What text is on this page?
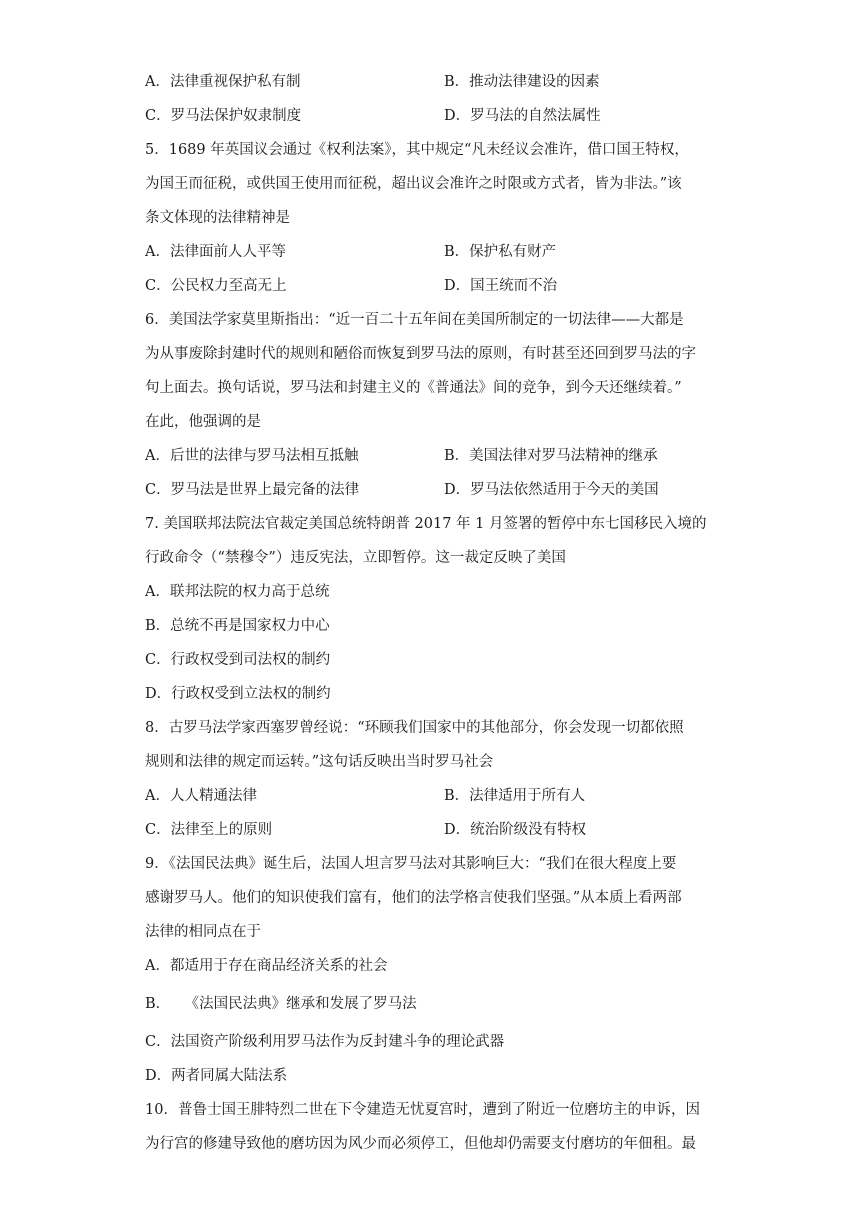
A．法律重视保护私有制	B．推动法律建设的因素
C．罗马法保护奴隶制度	D．罗马法的自然法属性
5．1689 年英国议会通过《权利法案》，其中规定“凡未经议会准许，借口国王特权，
为国王而征税，或供国王使用而征税，超出议会准许之时限或方式者，皆为非法。”该
条文体现的法律精神是
A．法律面前人人平等	B．保护私有财产
C．公民权力至高无上	D．国王统而不治
6．美国法学家莫里斯指出：“近一百二十五年间在美国所制定的一切法律——大都是
为从事废除封建时代的规则和陋俗而恢复到罗马法的原则，有时甚至还回到罗马法的字
句上面去。换句话说，罗马法和封建主义的《普通法》间的竞争，到今天还继续着。”
在此，他强调的是
A．后世的法律与罗马法相互抵触	B．美国法律对罗马法精神的继承
C．罗马法是世界上最完备的法律	D．罗马法依然适用于今天的美国
7. 美国联邦法院法官裁定美国总统特朗普 2017 年 1 月签署的暂停中东七国移民入境的
行政命令（“禁穆令”）违反宪法，立即暂停。这一裁定反映了美国
A．联邦法院的权力高于总统
B．总统不再是国家权力中心
C．行政权受到司法权的制约
D．行政权受到立法权的制约
8．古罗马法学家西塞罗曾经说：“环顾我们国家中的其他部分，你会发现一切都依照
规则和法律的规定而运转。”这句话反映出当时罗马社会
A．人人精通法律	B．法律适用于所有人
C．法律至上的原则	D．统治阶级没有特权
9．《法国民法典》诞生后，法国人坦言罗马法对其影响巨大：“我们在很大程度上要
感谢罗马人。他们的知识使我们富有，他们的法学格言使我们坚强。”从本质上看两部
法律的相同点在于
A．都适用于存在商品经济关系的社会
B．　　《法国民法典》继承和发展了罗马法
C．法国资产阶级利用罗马法作为反封建斗争的理论武器
D．两者同属大陆法系
10．普鲁士国王腓特烈二世在下令建造无忧夏宫时，遭到了附近一位磨坊主的申诉，因
为行宫的修建导致他的磨坊因为风少而必须停工，但他却仍需要支付磨坊的年佃租。最
